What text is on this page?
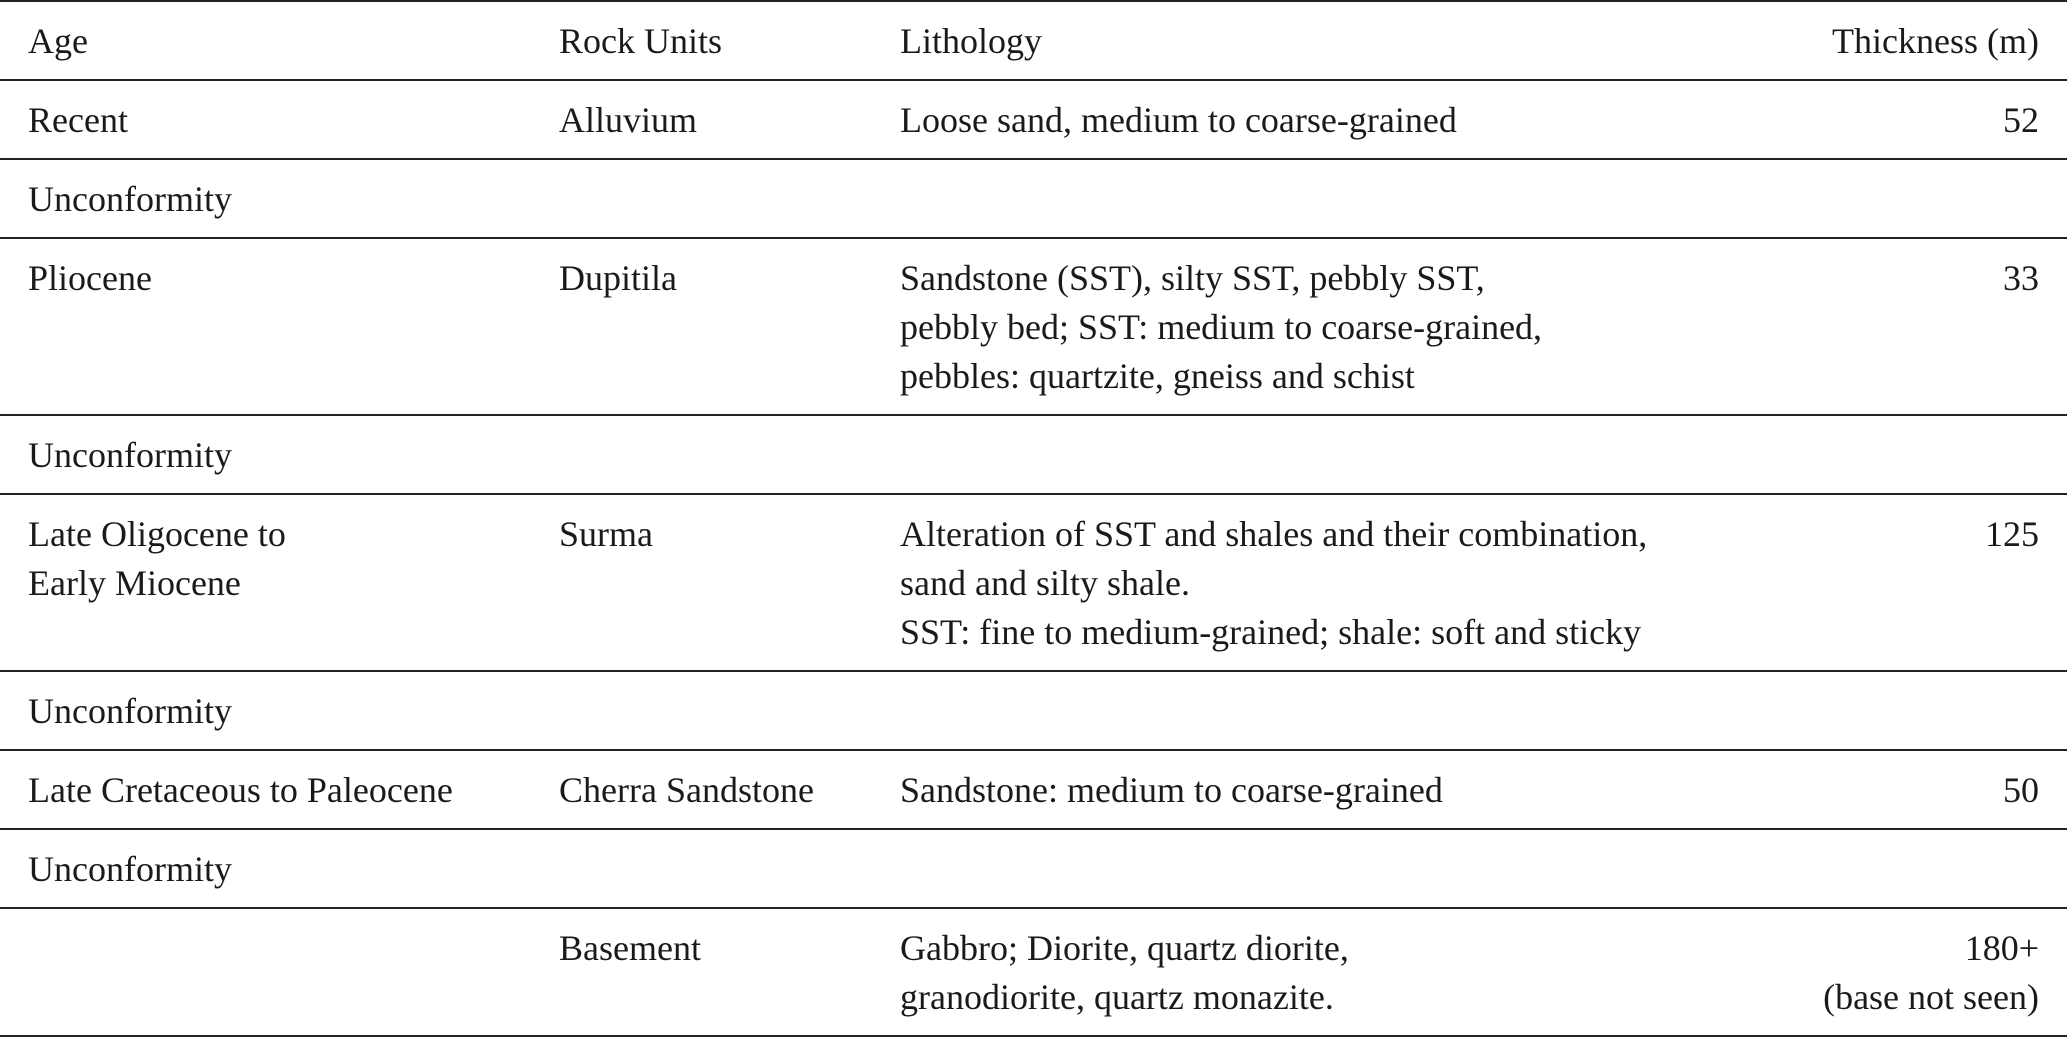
Age	Rock Units	Lithology	Thickness (m)
Recent	Alluvium	Loose sand, medium to coarse-grained	52
Unconformity			
Pliocene	Dupitila	Sandstone (SST), silty SST, pebbly SST,
pebbly bed; SST: medium to coarse-grained,
pebbles: quartzite, gneiss and schist	33
Unconformity			
Late Oligocene to
Early Miocene	Surma	Alteration of SST and shales and their combination,
sand and silty shale.
SST: fine to medium-grained; shale: soft and sticky	125
Unconformity			
Late Cretaceous to Paleocene	Cherra Sandstone	Sandstone: medium to coarse-grained	50
Unconformity			
	Basement	Gabbro; Diorite, quartz diorite,
granodiorite, quartz monazite.	180+
(base not seen)
